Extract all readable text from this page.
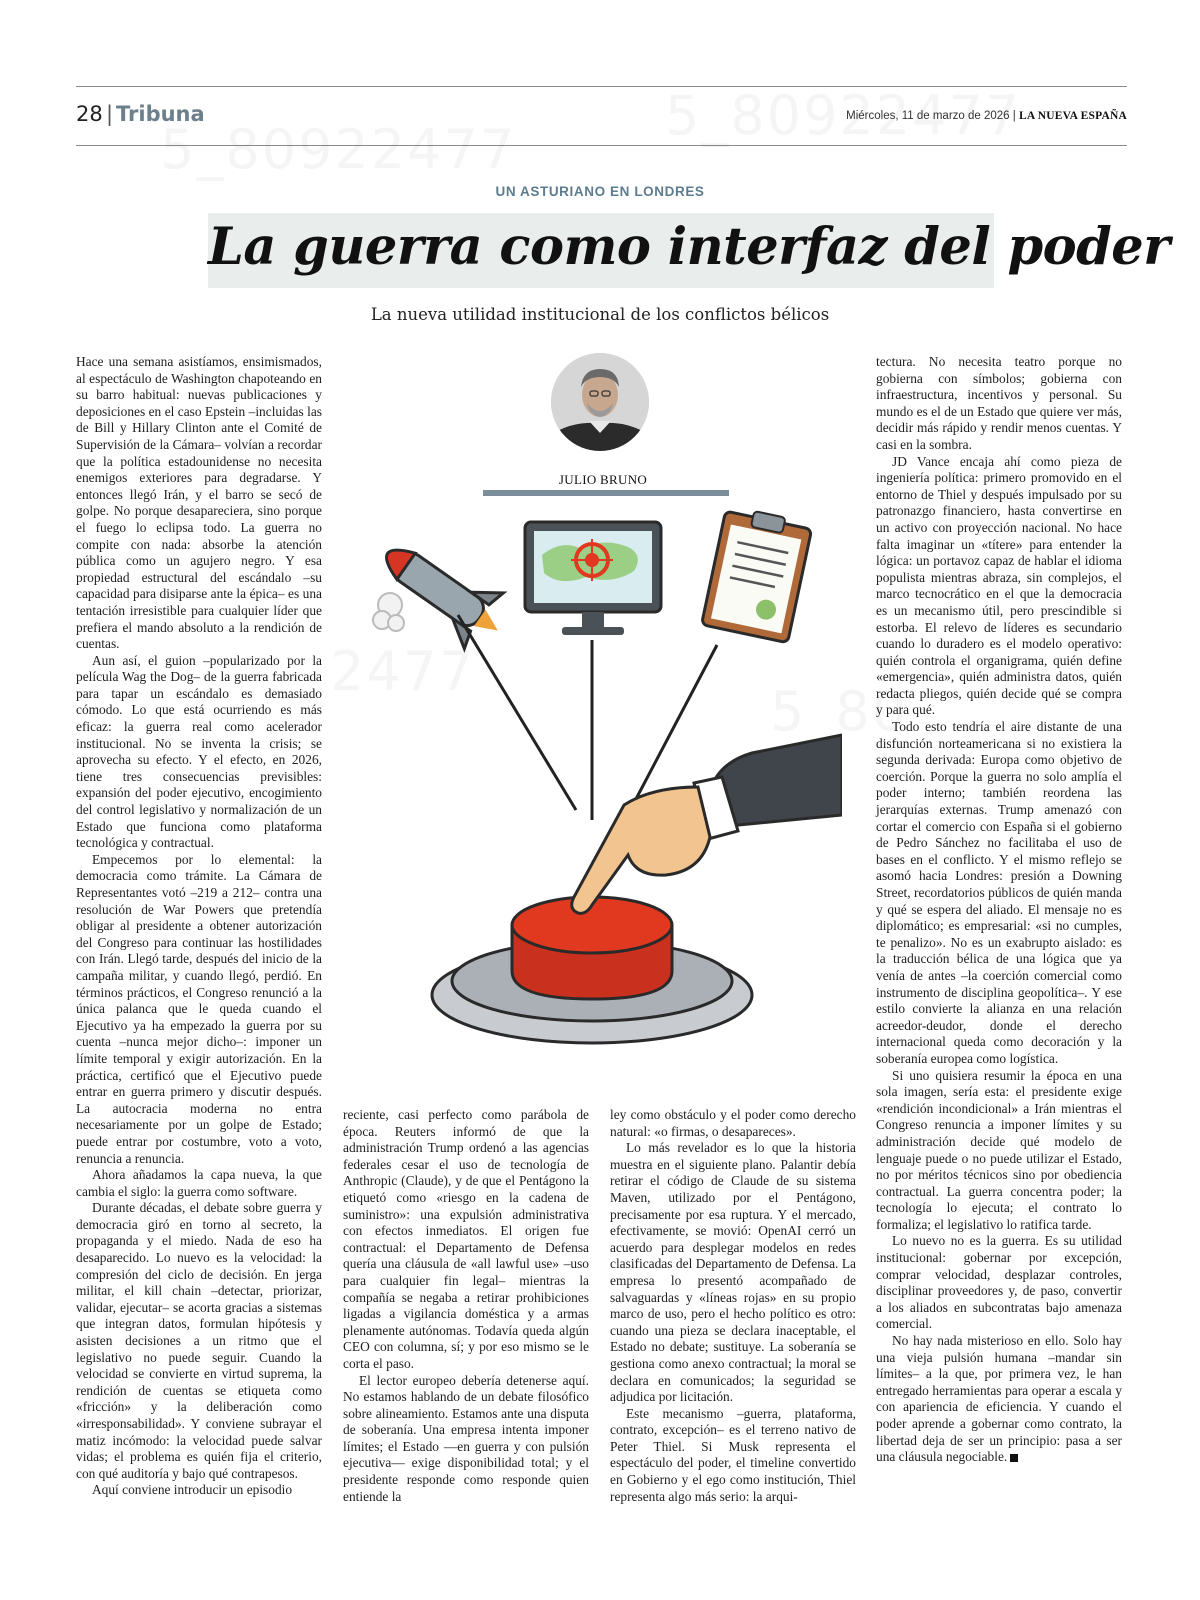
28 | Tribuna	Miércoles, 11 de marzo de 2026 | LA NUEVA ESPAÑA
UN ASTURIANO EN LONDRES
La guerra como interfaz del poder
La nueva utilidad institucional de los conflictos bélicos
JULIO BRUNO

Hace una semana asistíamos, ensimismados, al espectáculo de Washington chapoteando en su barro habitual: nuevas publicaciones y deposiciones en el caso Epstein –incluidas las de Bill y Hillary Clinton ante el Comité de Supervisión de la Cámara– volvían a recordar que la política estadounidense no necesita enemigos exteriores para degradarse. Y entonces llegó Irán, y el barro se secó de golpe. No porque desapareciera, sino porque el fuego lo eclipsa todo. La guerra no compite con nada: absorbe la atención pública como un agujero negro. Y esa propiedad estructural del escándalo –su capacidad para disiparse ante la épica– es una tentación irresistible para cualquier líder que prefiera el mando absoluto a la rendición de cuentas.

Aun así, el guion –popularizado por la película Wag the Dog– de la guerra fabricada para tapar un escándalo es demasiado cómodo. Lo que está ocurriendo es más eficaz: la guerra real como acelerador institucional. No se inventa la crisis; se aprovecha su efecto. Y el efecto, en 2026, tiene tres consecuencias previsibles: expansión del poder ejecutivo, encogimiento del control legislativo y normalización de un Estado que funciona como plataforma tecnológica y contractual.

Empecemos por lo elemental: la democracia como trámite. La Cámara de Representantes votó –219 a 212– contra una resolución de War Powers que pretendía obligar al presidente a obtener autorización del Congreso para continuar las hostilidades con Irán. Llegó tarde, después del inicio de la campaña militar, y cuando llegó, perdió. En términos prácticos, el Congreso renunció a la única palanca que le queda cuando el Ejecutivo ya ha empezado la guerra por su cuenta –nunca mejor dicho–: imponer un límite temporal y exigir autorización. En la práctica, certificó que el Ejecutivo puede entrar en guerra primero y discutir después. La autocracia moderna no entra necesariamente por un golpe de Estado; puede entrar por costumbre, voto a voto, renuncia a renuncia.

Ahora añadamos la capa nueva, la que cambia el siglo: la guerra como software.

Durante décadas, el debate sobre guerra y democracia giró en torno al secreto, la propaganda y el miedo. Nada de eso ha desaparecido. Lo nuevo es la velocidad: la compresión del ciclo de decisión. En jerga militar, el kill chain –detectar, priorizar, validar, ejecutar– se acorta gracias a sistemas que integran datos, formulan hipótesis y asisten decisiones a un ritmo que el legislativo no puede seguir. Cuando la velocidad se convierte en virtud suprema, la rendición de cuentas se etiqueta como «fricción» y la deliberación como «irresponsabilidad». Y conviene subrayar el matiz incómodo: la velocidad puede salvar vidas; el problema es quién fija el criterio, con qué auditoría y bajo qué contrapesos.

Aquí conviene introducir un episodio

reciente, casi perfecto como parábola de época. Reuters informó de que la administración Trump ordenó a las agencias federales cesar el uso de tecnología de Anthropic (Claude), y de que el Pentágono la etiquetó como «riesgo en la cadena de suministro»: una expulsión administrativa con efectos inmediatos. El origen fue contractual: el Departamento de Defensa quería una cláusula de «all lawful use» –uso para cualquier fin legal– mientras la compañía se negaba a retirar prohibiciones ligadas a vigilancia doméstica y a armas plenamente autónomas. Todavía queda algún CEO con columna, sí; y por eso mismo se le corta el paso.

El lector europeo debería detenerse aquí. No estamos hablando de un debate filosófico sobre alineamiento. Estamos ante una disputa de soberanía. Una empresa intenta imponer límites; el Estado —en guerra y con pulsión ejecutiva— exige disponibilidad total; y el presidente responde como responde quien entiende la

ley como obstáculo y el poder como derecho natural: «o firmas, o desapareces».

Lo más revelador es lo que la historia muestra en el siguiente plano. Palantir debía retirar el código de Claude de su sistema Maven, utilizado por el Pentágono, precisamente por esa ruptura. Y el mercado, efectivamente, se movió: OpenAI cerró un acuerdo para desplegar modelos en redes clasificadas del Departamento de Defensa. La empresa lo presentó acompañado de salvaguardas y «líneas rojas» en su propio marco de uso, pero el hecho político es otro: cuando una pieza se declara inaceptable, el Estado no debate; sustituye. La soberanía se gestiona como anexo contractual; la moral se declara en comunicados; la seguridad se adjudica por licitación.

Este mecanismo –guerra, plataforma, contrato, excepción– es el terreno nativo de Peter Thiel. Si Musk representa el espectáculo del poder, el timeline convertido en Gobierno y el ego como institución, Thiel representa algo más serio: la arqui-

tectura. No necesita teatro porque no gobierna con símbolos; gobierna con infraestructura, incentivos y personal. Su mundo es el de un Estado que quiere ver más, decidir más rápido y rendir menos cuentas. Y casi en la sombra.

JD Vance encaja ahí como pieza de ingeniería política: primero promovido en el entorno de Thiel y después impulsado por su patronazgo financiero, hasta convertirse en un activo con proyección nacional. No hace falta imaginar un «títere» para entender la lógica: un portavoz capaz de hablar el idioma populista mientras abraza, sin complejos, el marco tecnocrático en el que la democracia es un mecanismo útil, pero prescindible si estorba. El relevo de líderes es secundario cuando lo duradero es el modelo operativo: quién controla el organigrama, quién define «emergencia», quién administra datos, quién redacta pliegos, quién decide qué se compra y para qué.

Todo esto tendría el aire distante de una disfunción norteamericana si no existiera la segunda derivada: Europa como objetivo de coerción. Porque la guerra no solo amplía el poder interno; también reordena las jerarquías externas. Trump amenazó con cortar el comercio con España si el gobierno de Pedro Sánchez no facilitaba el uso de bases en el conflicto. Y el mismo reflejo se asomó hacia Londres: presión a Downing Street, recordatorios públicos de quién manda y qué se espera del aliado. El mensaje no es diplomático; es empresarial: «si no cumples, te penalizo». No es un exabrupto aislado: es la traducción bélica de una lógica que ya venía de antes –la coerción comercial como instrumento de disciplina geopolítica–. Y ese estilo convierte la alianza en una relación acreedor-deudor, donde el derecho internacional queda como decoración y la soberanía europea como logística.

Si uno quisiera resumir la época en una sola imagen, sería esta: el presidente exige «rendición incondicional» a Irán mientras el Congreso renuncia a imponer límites y su administración decide qué modelo de lenguaje puede o no puede utilizar el Estado, no por méritos técnicos sino por obediencia contractual. La guerra concentra poder; la tecnología lo ejecuta; el contrato lo formaliza; el legislativo lo ratifica tarde.

Lo nuevo no es la guerra. Es su utilidad institucional: gobernar por excepción, comprar velocidad, desplazar controles, disciplinar proveedores y, de paso, convertir a los aliados en subcontratas bajo amenaza comercial.

No hay nada misterioso en ello. Solo hay una vieja pulsión humana –mandar sin límites– a la que, por primera vez, le han entregado herramientas para operar a escala y con apariencia de eficiencia. Y cuando el poder aprende a gobernar como contrato, la libertad deja de ser un principio: pasa a ser una cláusula negociable.
